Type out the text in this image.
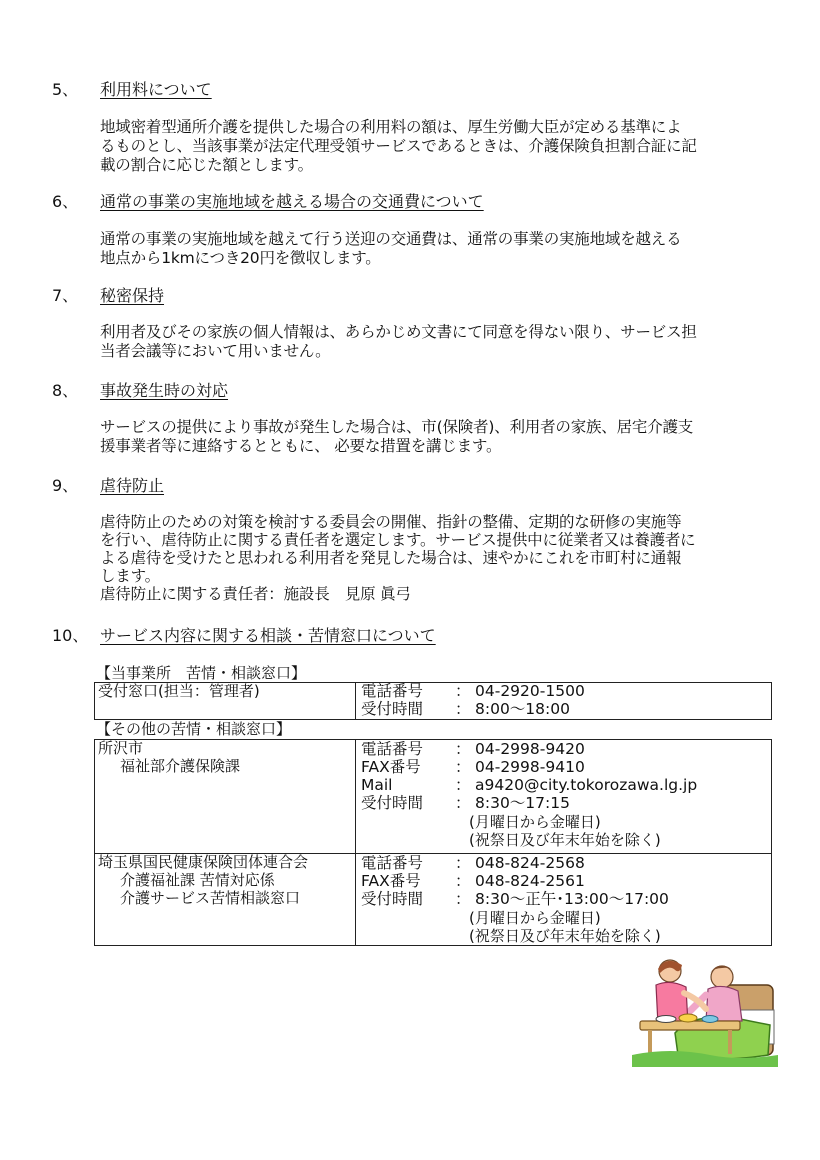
5、 利用料について
地域密着型通所介護を提供した場合の利用料の額は、厚生労働大臣が定める基準によ
るものとし、当該事業が法定代理受領サービスであるときは、介護保険負担割合証に記
載の割合に応じた額とします。
6、 通常の事業の実施地域を越える場合の交通費について
通常の事業の実施地域を越えて行う送迎の交通費は、通常の事業の実施地域を越える
地点から1kmにつき20円を徴収します。
7、 秘密保持
利用者及びその家族の個人情報は、あらかじめ文書にて同意を得ない限り、サービス担
当者会議等において用いません。
8、 事故発生時の対応
サービスの提供により事故が発生した場合は、市(保険者)、利用者の家族、居宅介護支
援事業者等に連絡するとともに、 必要な措置を講じます。
9、 虐待防止
虐待防止のための対策を検討する委員会の開催、指針の整備、定期的な研修の実施等
を行い、虐待防止に関する責任者を選定します。サービス提供中に従業者又は養護者に
よる虐待を受けたと思われる利用者を発見した場合は、速やかにこれを市町村に通報
します。
虐待防止に関する責任者：施設長　見原 眞弓
10、 サービス内容に関する相談・苦情窓口について
【当事業所　苦情・相談窓口】
受付窓口(担当：管理者)	電話番号 ： 04-2920-1500
受付時間 ： 8:00～18:00
【その他の苦情・相談窓口】
所沢市
福祉部介護保険課
電話番号 ： 04-2998-9420
FAX番号 ： 04-2998-9410
Mail	： a9420@city.tokorozawa.lg.jp
受付時間 ： 8:30～17:15
(月曜日から金曜日)
(祝祭日及び年末年始を除く)
埼玉県国民健康保険団体連合会
介護福祉課 苦情対応係
介護サービス苦情相談窓口
電話番号 ： 048-824-2568
FAX番号 ： 048-824-2561
受付時間 ： 8:30～正午･13:00～17:00
(月曜日から金曜日)
(祝祭日及び年末年始を除く)
